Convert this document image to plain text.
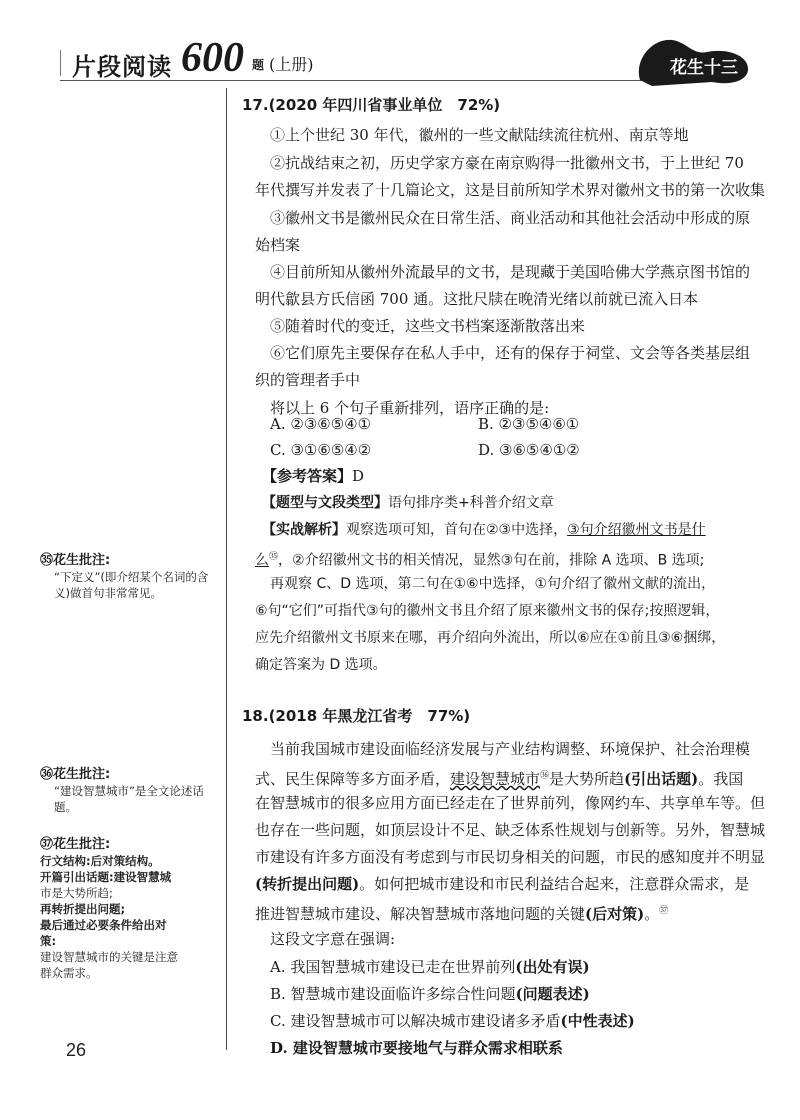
片段阅读 600 题 (上册)	花生十三
㉟花生批注:
“下定义”(即介绍某个名词的含义)做首句非常常见。
㊱花生批注:
“建设智慧城市”是全文论述话题。
㊲花生批注:
行文结构:后对策结构。
开篇引出话题:建设智慧城
市是大势所趋;
再转折提出问题;
最后通过必要条件给出对
策:
建设智慧城市的关键是注意
群众需求。
17.(2020 年四川省事业单位　72%)
①上个世纪 30 年代，徽州的一些文献陆续流往杭州、南京等地
②抗战结束之初，历史学家方豪在南京购得一批徽州文书，于上世纪 70
年代撰写并发表了十几篇论文，这是目前所知学术界对徽州文书的第一次收集
③徽州文书是徽州民众在日常生活、商业活动和其他社会活动中形成的原
始档案
④目前所知从徽州外流最早的文书，是现藏于美国哈佛大学燕京图书馆的
明代歙县方氏信函 700 通。这批尺牍在晚清光绪以前就已流入日本
⑤随着时代的变迁，这些文书档案逐渐散落出来
⑥它们原先主要保存在私人手中，还有的保存于祠堂、文会等各类基层组
织的管理者手中
将以上 6 个句子重新排列，语序正确的是:
A. ②③⑥⑤④①	B. ②③⑤④⑥①
C. ③①⑥⑤④②	D. ③⑥⑤④①②
【参考答案】D
【题型与文段类型】语句排序类+科普介绍文章
【实战解析】观察选项可知，首句在②③中选择，③句介绍徽州文书是什
么$^㉟$，②介绍徽州文书的相关情况，显然③句在前，排除 A 选项、B 选项;
再观察 C、D 选项，第二句在①⑥中选择，①句介绍了徽州文献的流出，
⑥句“它们”可指代③句的徽州文书且介绍了原来徽州文书的保存;按照逻辑，
应先介绍徽州文书原来在哪，再介绍向外流出，所以⑥应在①前且③⑥捆绑，
确定答案为 D 选项。
18.(2018 年黑龙江省考　77%)
当前我国城市建设面临经济发展与产业结构调整、环境保护、社会治理模
式、民生保障等多方面矛盾，建设智慧城市$^㊱$是大势所趋(引出话题)。我国
在智慧城市的很多应用方面已经走在了世界前列，像网约车、共享单车等。但
也存在一些问题，如顶层设计不足、缺乏体系性规划与创新等。另外，智慧城
市建设有许多方面没有考虑到与市民切身相关的问题，市民的感知度并不明显
(转折提出问题)。如何把城市建设和市民利益结合起来，注意群众需求，是
推进智慧城市建设、解决智慧城市落地问题的关键(后对策)。$^㊲$
这段文字意在强调:
A. 我国智慧城市建设已走在世界前列(出处有误)
B. 智慧城市建设面临许多综合性问题(问题表述)
C. 建设智慧城市可以解决城市建设诸多矛盾(中性表述)
D. 建设智慧城市要接地气与群众需求相联系
26
